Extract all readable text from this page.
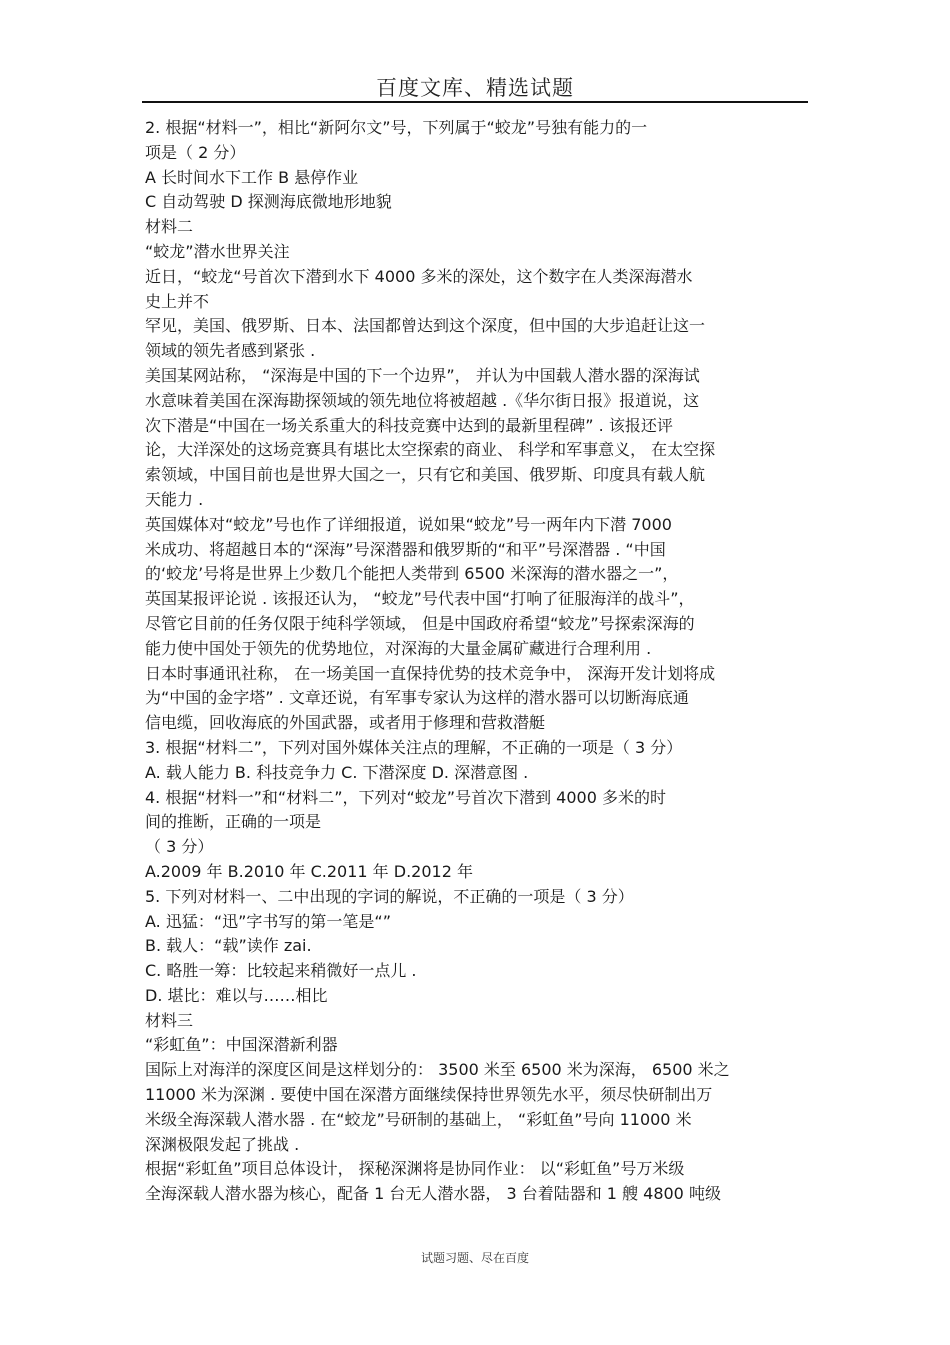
百度文库、精选试题
2. 根据“材料一”，相比“新阿尔文”号，下列属于“蛟龙”号独有能力的一
项是（ 2 分）
A 长时间水下工作 B 悬停作业
C 自动驾驶 D 探测海底微地形地貌
材料二
“蛟龙”潜水世界关注
近日，“蛟龙“号首次下潜到水下 4000 多米的深处，这个数字在人类深海潜水
史上并不
罕见，美国、俄罗斯、日本、法国都曾达到这个深度，但中国的大步追赶让这一
领域的领先者感到紧张 .
美国某网站称， “深海是中国的下一个边界”， 并认为中国载人潜水器的深海试
水意味着美国在深海勘探领域的领先地位将被超越 .《华尔街日报》报道说，这
次下潜是“中国在一场关系重大的科技竞赛中达到的最新里程碑” . 该报还评
论，大洋深处的这场竞赛具有堪比太空探索的商业、 科学和军事意义， 在太空探
索领域，中国目前也是世界大国之一，只有它和美国、俄罗斯、印度具有载人航
天能力 .
英国媒体对“蛟龙”号也作了详细报道，说如果“蛟龙”号一两年内下潜 7000
米成功、将超越日本的“深海”号深潜器和俄罗斯的“和平”号深潜器 . “中国
的‘蛟龙’号将是世界上少数几个能把人类带到 6500 米深海的潜水器之一”，
英国某报评论说 . 该报还认为， “蛟龙”号代表中国“打响了征服海洋的战斗”，
尽管它目前的任务仅限于纯科学领域， 但是中国政府希望“蛟龙”号探索深海的
能力使中国处于领先的优势地位，对深海的大量金属矿藏进行合理利用 .
日本时事通讯社称， 在一场美国一直保持优势的技术竞争中， 深海开发计划将成
为“中国的金字塔” . 文章还说，有军事专家认为这样的潜水器可以切断海底通
信电缆，回收海底的外国武器，或者用于修理和营救潜艇
3. 根据“材料二”，下列对国外媒体关注点的理解，不正确的一项是（ 3 分）
A. 载人能力 B. 科技竞争力 C. 下潜深度 D. 深潜意图 .
4. 根据“材料一”和“材料二”，下列对“蛟龙”号首次下潜到 4000 多米的时
间的推断，正确的一项是
（ 3 分）
A.2009 年 B.2010 年 C.2011 年 D.2012 年
5. 下列对材料一、二中出现的字词的解说，不正确的一项是（ 3 分）
A. 迅猛：“迅”字书写的第一笔是“”
B. 载人：“载”读作 zai.
C. 略胜一筹：比较起来稍微好一点儿 .
D. 堪比：难以与……相比
材料三
“彩虹鱼”：中国深潜新利器
国际上对海洋的深度区间是这样划分的： 3500 米至 6500 米为深海， 6500 米之
11000 米为深渊 . 要使中国在深潜方面继续保持世界领先水平，须尽快研制出万
米级全海深载人潜水器 . 在“蛟龙”号研制的基础上， “彩虹鱼”号向 11000 米
深渊极限发起了挑战 .
根据“彩虹鱼”项目总体设计， 探秘深渊将是协同作业： 以“彩虹鱼”号万米级
全海深载人潜水器为核心，配备 1 台无人潜水器， 3 台着陆器和 1 艘 4800 吨级
试题习题、尽在百度
